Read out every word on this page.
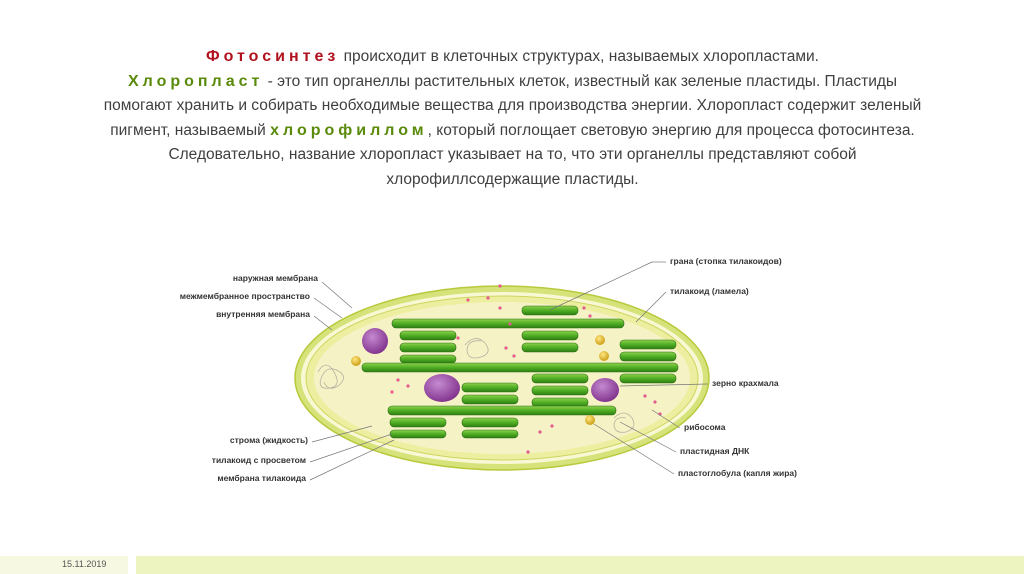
Фотосинтез происходит в клеточных структурах, называемых хлоропластами.
Хлоропласт - это тип органеллы растительных клеток, известный как зеленые пластиды. Пластиды помогают хранить и собирать необходимые вещества для производства энергии. Хлоропласт содержит зеленый пигмент, называемый хлорофиллом, который поглощает световую энергию для процесса фотосинтеза. Следовательно, название хлоропласт указывает на то, что эти органеллы представляют собой хлорофиллсодержащие пластиды.
наружная мембрана
межмембранное пространство
внутренняя мембрана
строма (жидкость)
тилакоид с просветом
мембрана тилакоида
грана (стопка тилакоидов)
тилакоид (ламела)
зерно крахмала
рибосома
пластидная ДНК
пластоглобула (капля жира)
15.11.2019
